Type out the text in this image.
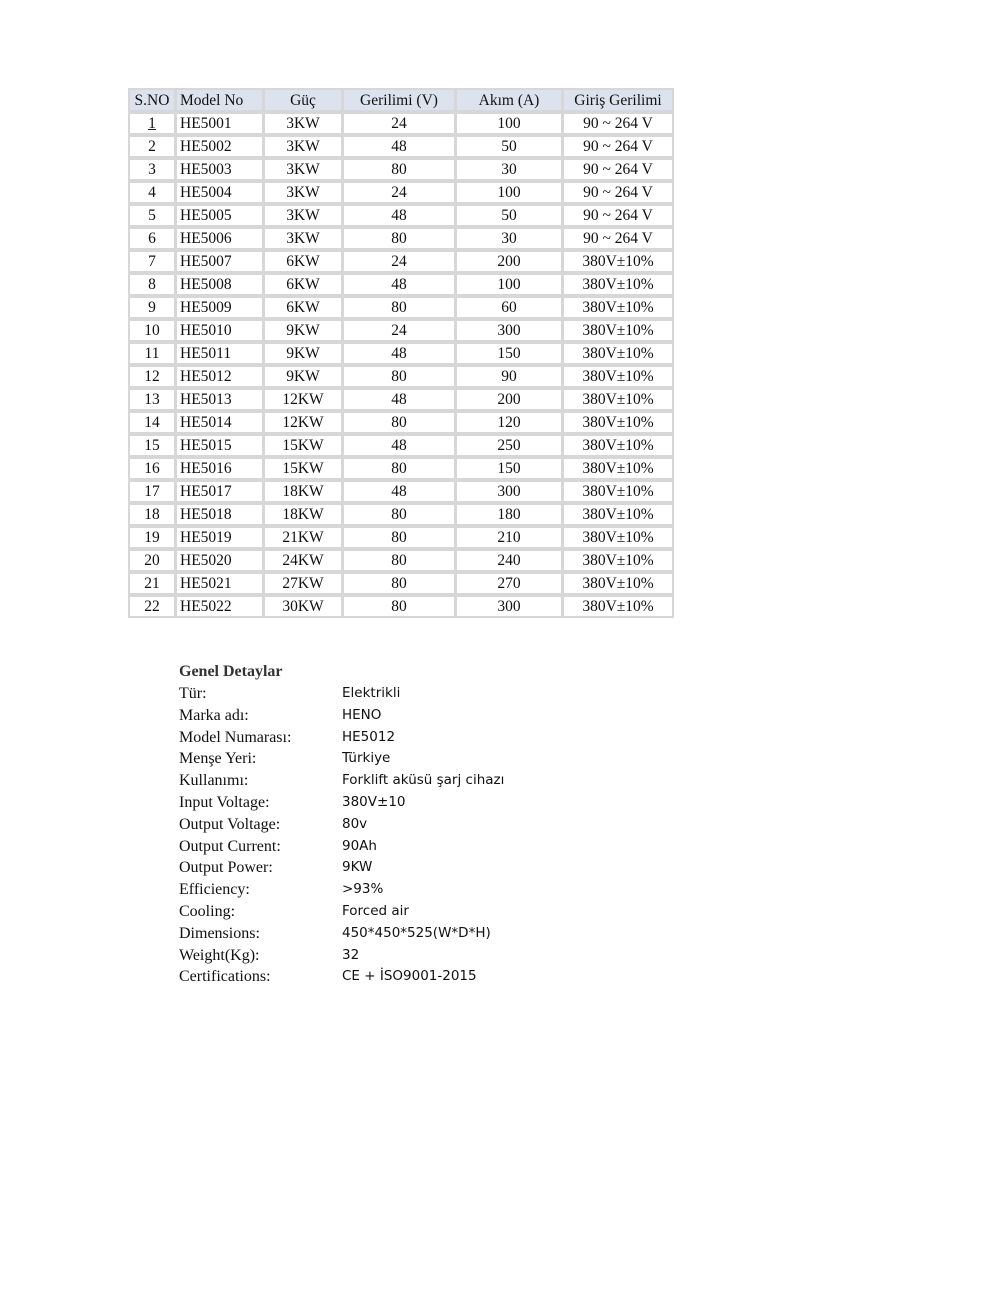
S.NO	Model No	Güç	Gerilimi (V)	Akım (A)	Giriş Gerilimi
1	HE5001	3KW	24	100	90 ~ 264 V
2	HE5002	3KW	48	50	90 ~ 264 V
3	HE5003	3KW	80	30	90 ~ 264 V
4	HE5004	3KW	24	100	90 ~ 264 V
5	HE5005	3KW	48	50	90 ~ 264 V
6	HE5006	3KW	80	30	90 ~ 264 V
7	HE5007	6KW	24	200	380V±10%
8	HE5008	6KW	48	100	380V±10%
9	HE5009	6KW	80	60	380V±10%
10	HE5010	9KW	24	300	380V±10%
11	HE5011	9KW	48	150	380V±10%
12	HE5012	9KW	80	90	380V±10%
13	HE5013	12KW	48	200	380V±10%
14	HE5014	12KW	80	120	380V±10%
15	HE5015	15KW	48	250	380V±10%
16	HE5016	15KW	80	150	380V±10%
17	HE5017	18KW	48	300	380V±10%
18	HE5018	18KW	80	180	380V±10%
19	HE5019	21KW	80	210	380V±10%
20	HE5020	24KW	80	240	380V±10%
21	HE5021	27KW	80	270	380V±10%
22	HE5022	30KW	80	300	380V±10%
Genel Detaylar
Tür:	Elektrikli
Marka adı:	HENO
Model Numarası:	HE5012
Menşe Yeri:	Türkiye
Kullanımı:	Forklift aküsü şarj cihazı
Input Voltage:	380V±10
Output Voltage:	80v
Output Current:	90Ah
Output Power:	9KW
Efficiency:	>93%
Cooling:	Forced air
Dimensions:	450*450*525(W*D*H)
Weight(Kg):	32
Certifications:	CE + İSO9001-2015
